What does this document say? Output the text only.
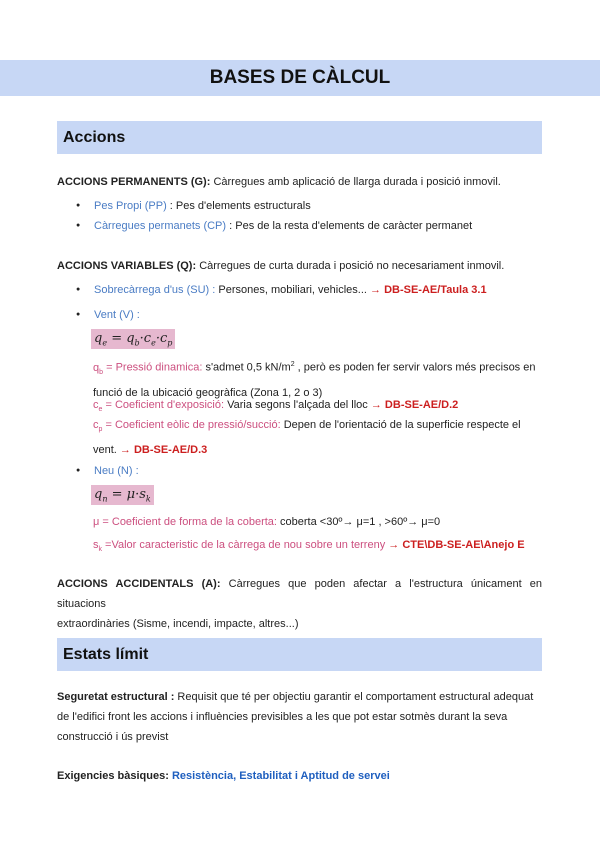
BASES DE CÀLCUL
Accions
ACCIONS PERMANENTS (G): Càrregues amb aplicació de llarga durada i posició inmovil.
● Pes Propi (PP) : Pes d'elements estructurals
● Càrregues permanets (CP) : Pes de la resta d'elements de caràcter permanet
ACCIONS VARIABLES (Q): Càrregues de curta durada i posició no necesariament inmovil.
● Sobrecàrrega d'us (SU) : Persones, mobiliari, vehicles... → DB-SE-AE/Taula 3.1
● Vent (V) :
$q_e = q_b\cdot c_e\cdot c_p$
$q_b$ = Pressió dinamica: s'admet 0,5 $kN/m^2$ , però es poden fer servir valors més precisos en
funció de la ubicació geogràfica (Zona 1, 2 o 3)
$c_e$ = Coeficient d'exposició: Varia segons l'alçada del lloc → DB-SE-AE/D.2
$c_p$ = Coeficient eòlic de pressió/succió: Depen de l'orientació de la superficie respecte el
vent. → DB-SE-AE/D.3
● Neu (N) :
$q_n = \mu\cdot s_k$
μ = Coeficient de forma de la coberta: coberta <30º→ μ=1 , >60º→ μ=0
$s_k$ =Valor caracteristic de la càrrega de nou sobre un terreny → CTE\DB-SE-AE\Anejo E
ACCIONS ACCIDENTALS (A): Càrregues que poden afectar a l'estructura únicament en situacions
extraordinàries (Sisme, incendi, impacte, altres...)
Estats límit
Seguretat estructural : Requisit que té per objectiu garantir el comportament estructural adequat
de l'edifici front les accions i influències previsibles a les que pot estar sotmès durant la seva
construcció i ús previst
Exigencies bàsiques: Resistència, Estabilitat i Aptitud de servei
